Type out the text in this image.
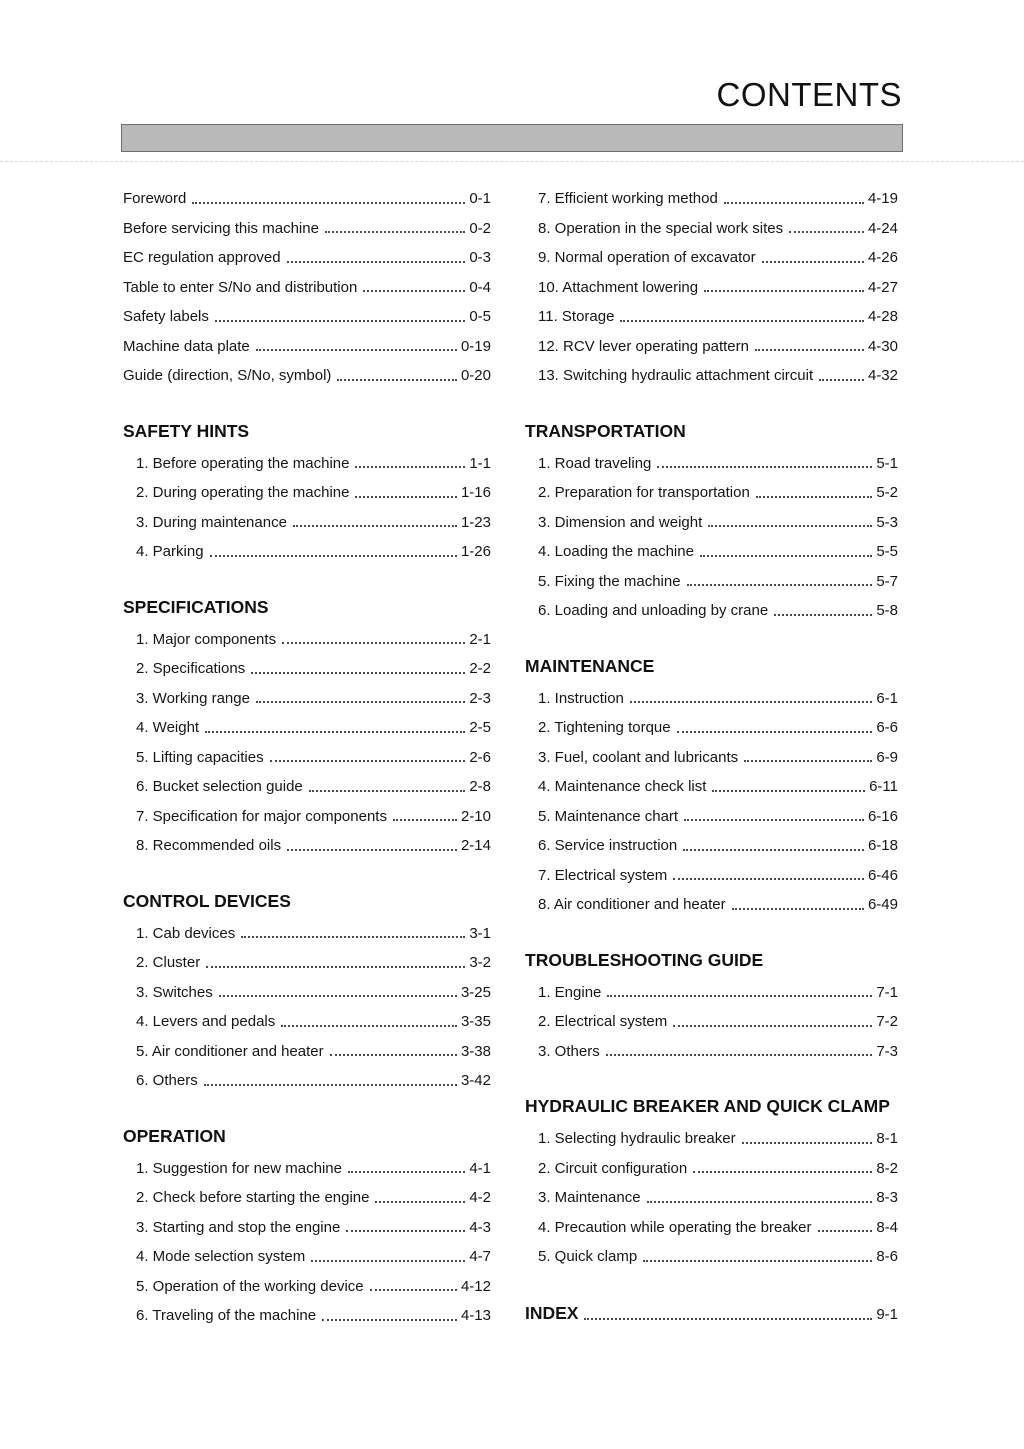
CONTENTS
Foreword	0-1
Before servicing this machine	0-2
EC regulation approved	0-3
Table to enter S/No and distribution	0-4
Safety labels	0-5
Machine data plate	0-19
Guide (direction, S/No, symbol)	0-20
SAFETY HINTS
1. Before operating the machine	1-1
2. During operating the machine	1-16
3. During maintenance	1-23
4. Parking	1-26
SPECIFICATIONS
1. Major components	2-1
2. Specifications	2-2
3. Working range	2-3
4. Weight	2-5
5. Lifting capacities	2-6
6. Bucket selection guide	2-8
7. Specification for major components	2-10
8. Recommended oils	2-14
CONTROL DEVICES
1. Cab devices	3-1
2. Cluster	3-2
3. Switches	3-25
4. Levers and pedals	3-35
5. Air conditioner and heater	3-38
6. Others	3-42
OPERATION
1. Suggestion for new machine	4-1
2. Check before starting the engine	4-2
3. Starting and stop the engine	4-3
4. Mode selection system	4-7
5. Operation of the working device	4-12
6. Traveling of the machine	4-13
7. Efficient working method	4-19
8. Operation in the special work sites	4-24
9. Normal operation of excavator	4-26
10. Attachment lowering	4-27
11. Storage	4-28
12. RCV lever operating pattern	4-30
13. Switching hydraulic attachment circuit	4-32
TRANSPORTATION
1. Road traveling	5-1
2. Preparation for transportation	5-2
3. Dimension and weight	5-3
4. Loading the machine	5-5
5. Fixing the machine	5-7
6. Loading and unloading by crane	5-8
MAINTENANCE
1. Instruction	6-1
2. Tightening torque	6-6
3. Fuel, coolant and lubricants	6-9
4. Maintenance check list	6-11
5. Maintenance chart	6-16
6. Service instruction	6-18
7. Electrical system	6-46
8. Air conditioner and heater	6-49
TROUBLESHOOTING GUIDE
1. Engine	7-1
2. Electrical system	7-2
3. Others	7-3
HYDRAULIC BREAKER AND QUICK CLAMP
1. Selecting hydraulic breaker	8-1
2. Circuit configuration	8-2
3. Maintenance	8-3
4. Precaution while operating the breaker	8-4
5. Quick clamp	8-6
INDEX	9-1
